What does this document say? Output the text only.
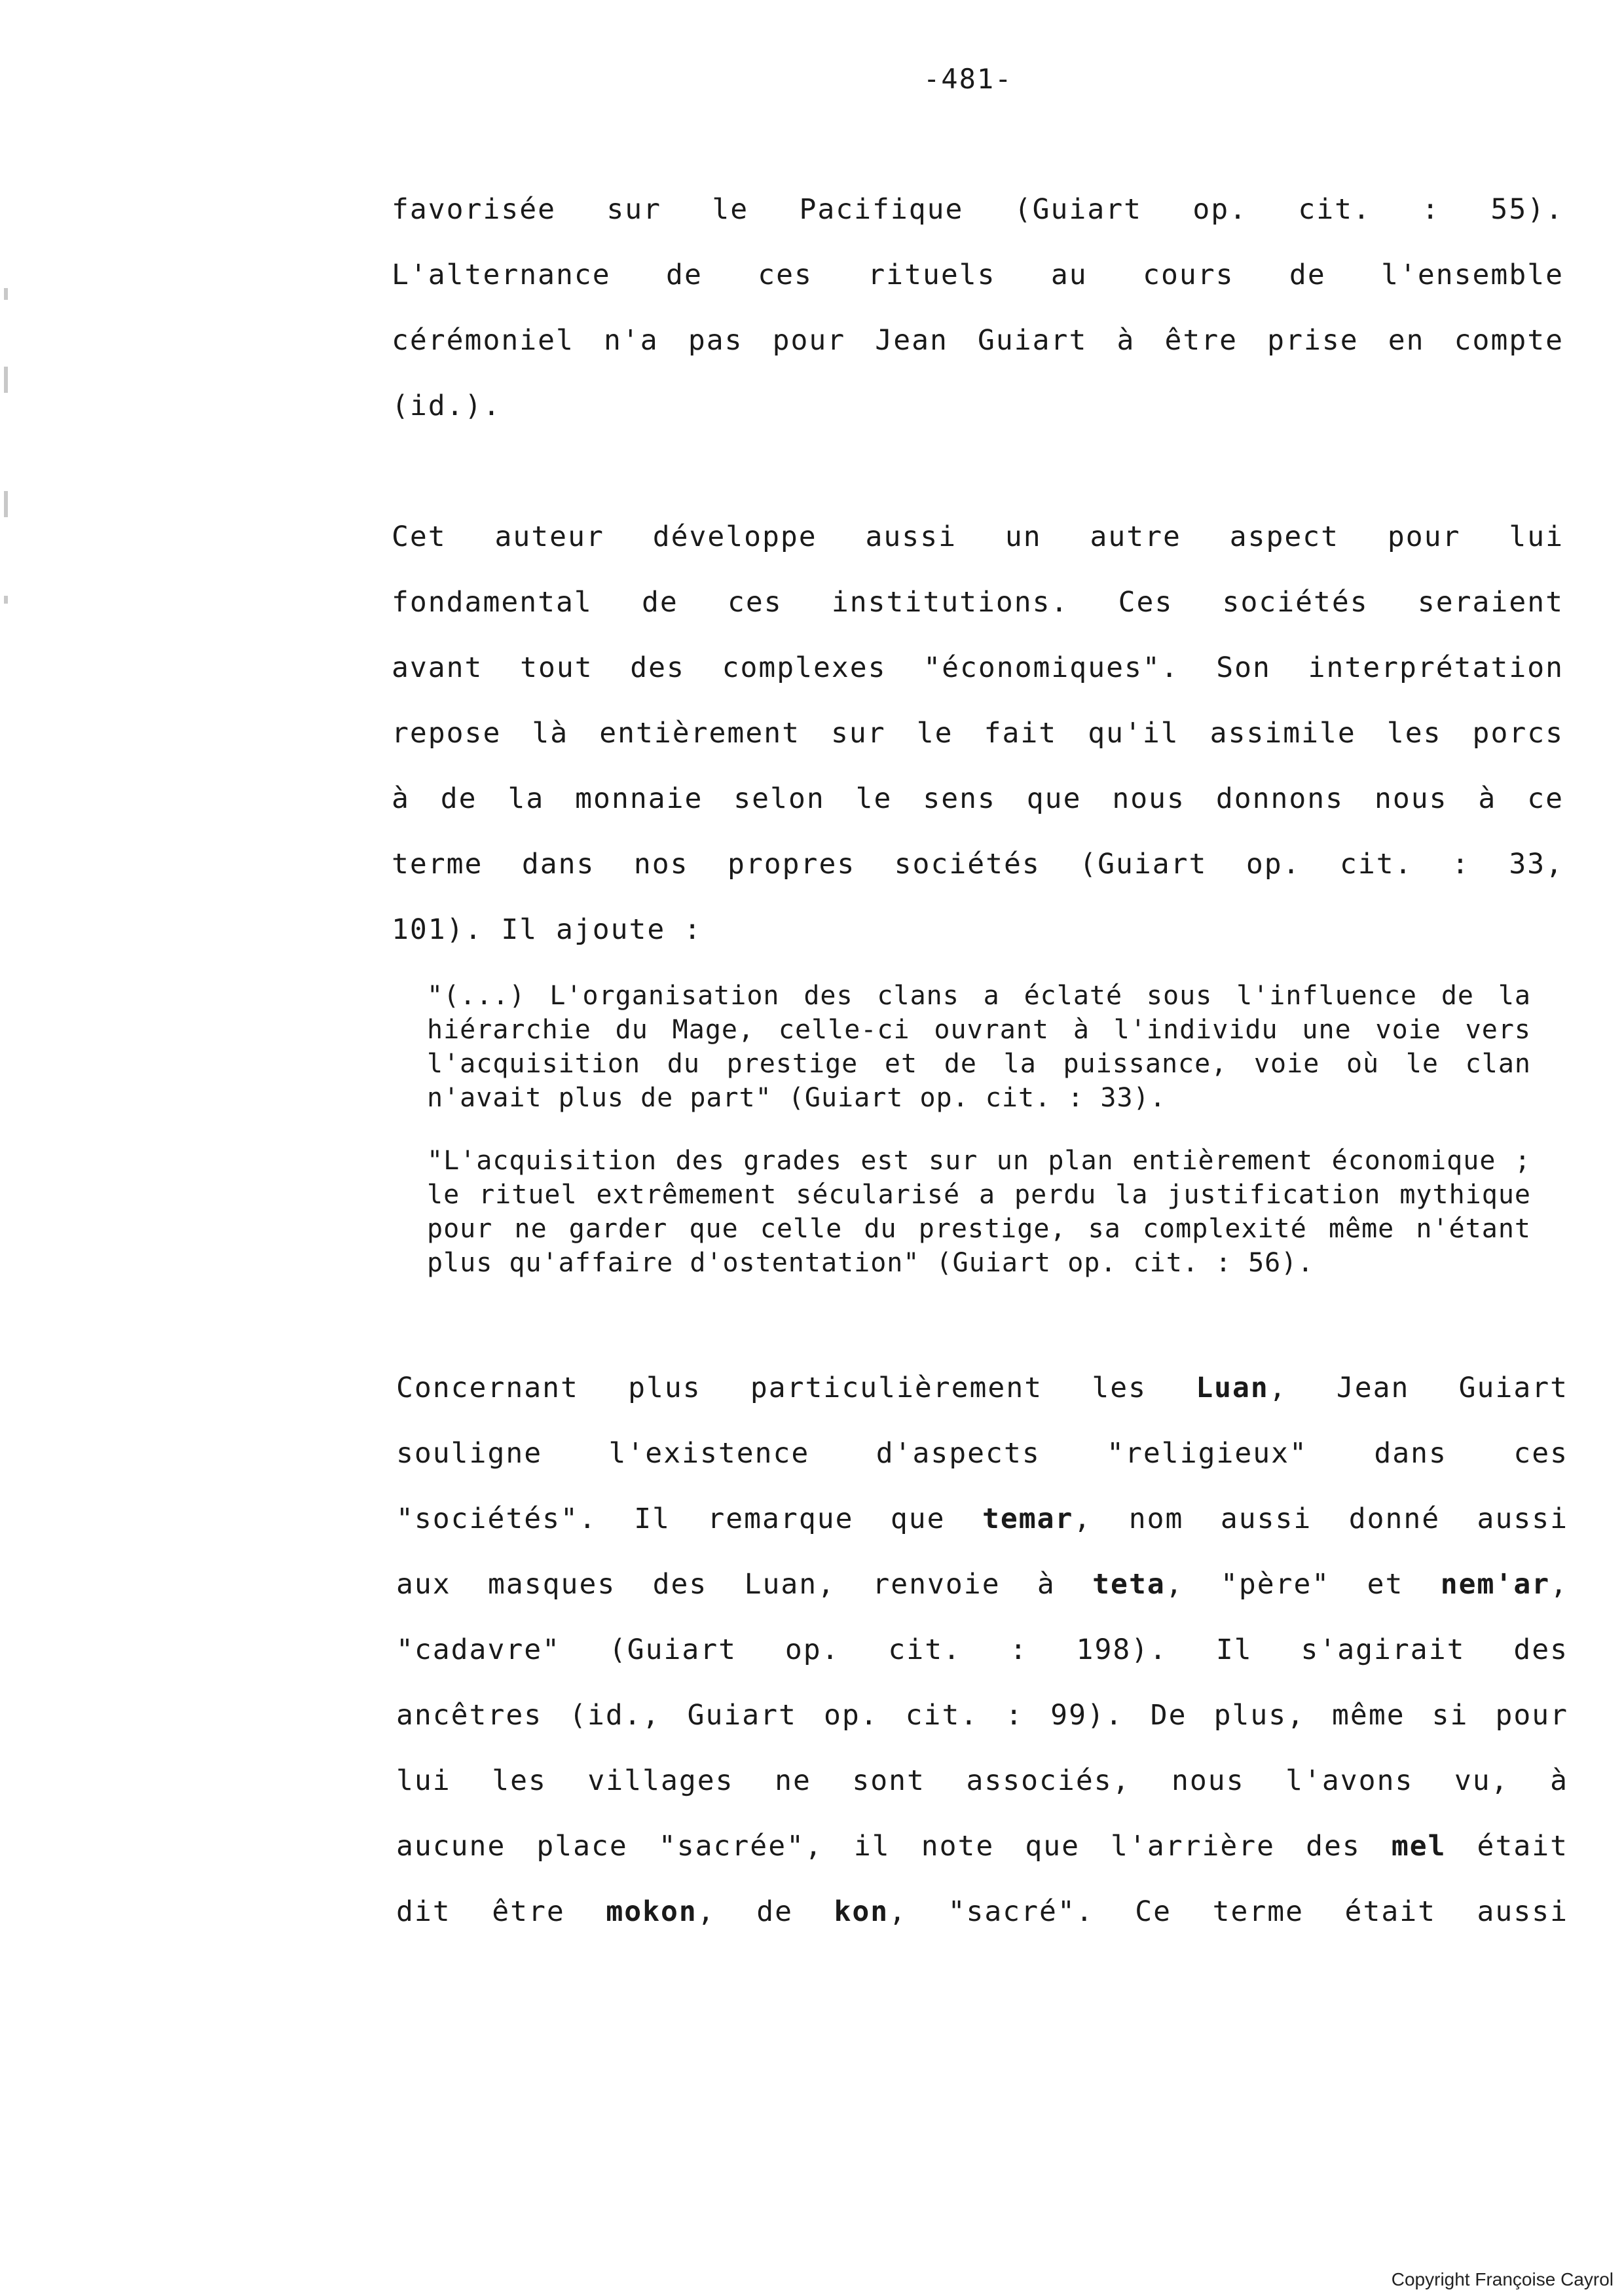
-481-
favorisée sur le Pacifique (Guiart op. cit. : 55).
L'alternance de ces rituels au cours de l'ensemble
cérémoniel n'a pas pour Jean Guiart à être prise en compte
(id.).
Cet auteur développe aussi un autre aspect pour lui
fondamental de ces institutions. Ces sociétés seraient
avant tout des complexes "économiques". Son interprétation
repose là entièrement sur le fait qu'il assimile les porcs
à de la monnaie selon le sens que nous donnons nous à ce
terme dans nos propres sociétés (Guiart op. cit. : 33,
101). Il ajoute :
"(...) L'organisation des clans a éclaté sous l'influence de la
hiérarchie du Mage, celle-ci ouvrant à l'individu une voie vers
l'acquisition du prestige et de la puissance, voie où le clan
n'avait plus de part" (Guiart op. cit. : 33).
"L'acquisition des grades est sur un plan entièrement économique ;
le rituel extrêmement sécularisé a perdu la justification mythique
pour ne garder que celle du prestige, sa complexité même n'étant
plus qu'affaire d'ostentation" (Guiart op. cit. : 56).
Concernant plus particulièrement les Luan, Jean Guiart
souligne l'existence d'aspects "religieux" dans ces
"sociétés". Il remarque que temar, nom aussi donné aussi
aux masques des Luan, renvoie à teta, "père" et nem'ar,
"cadavre" (Guiart op. cit. : 198). Il s'agirait des
ancêtres (id., Guiart op. cit. : 99). De plus, même si pour
lui les villages ne sont associés, nous l'avons vu, à
aucune place "sacrée", il note que l'arrière des mel était
dit être mokon, de kon, "sacré". Ce terme était aussi
Copyright Françoise Cayrol
